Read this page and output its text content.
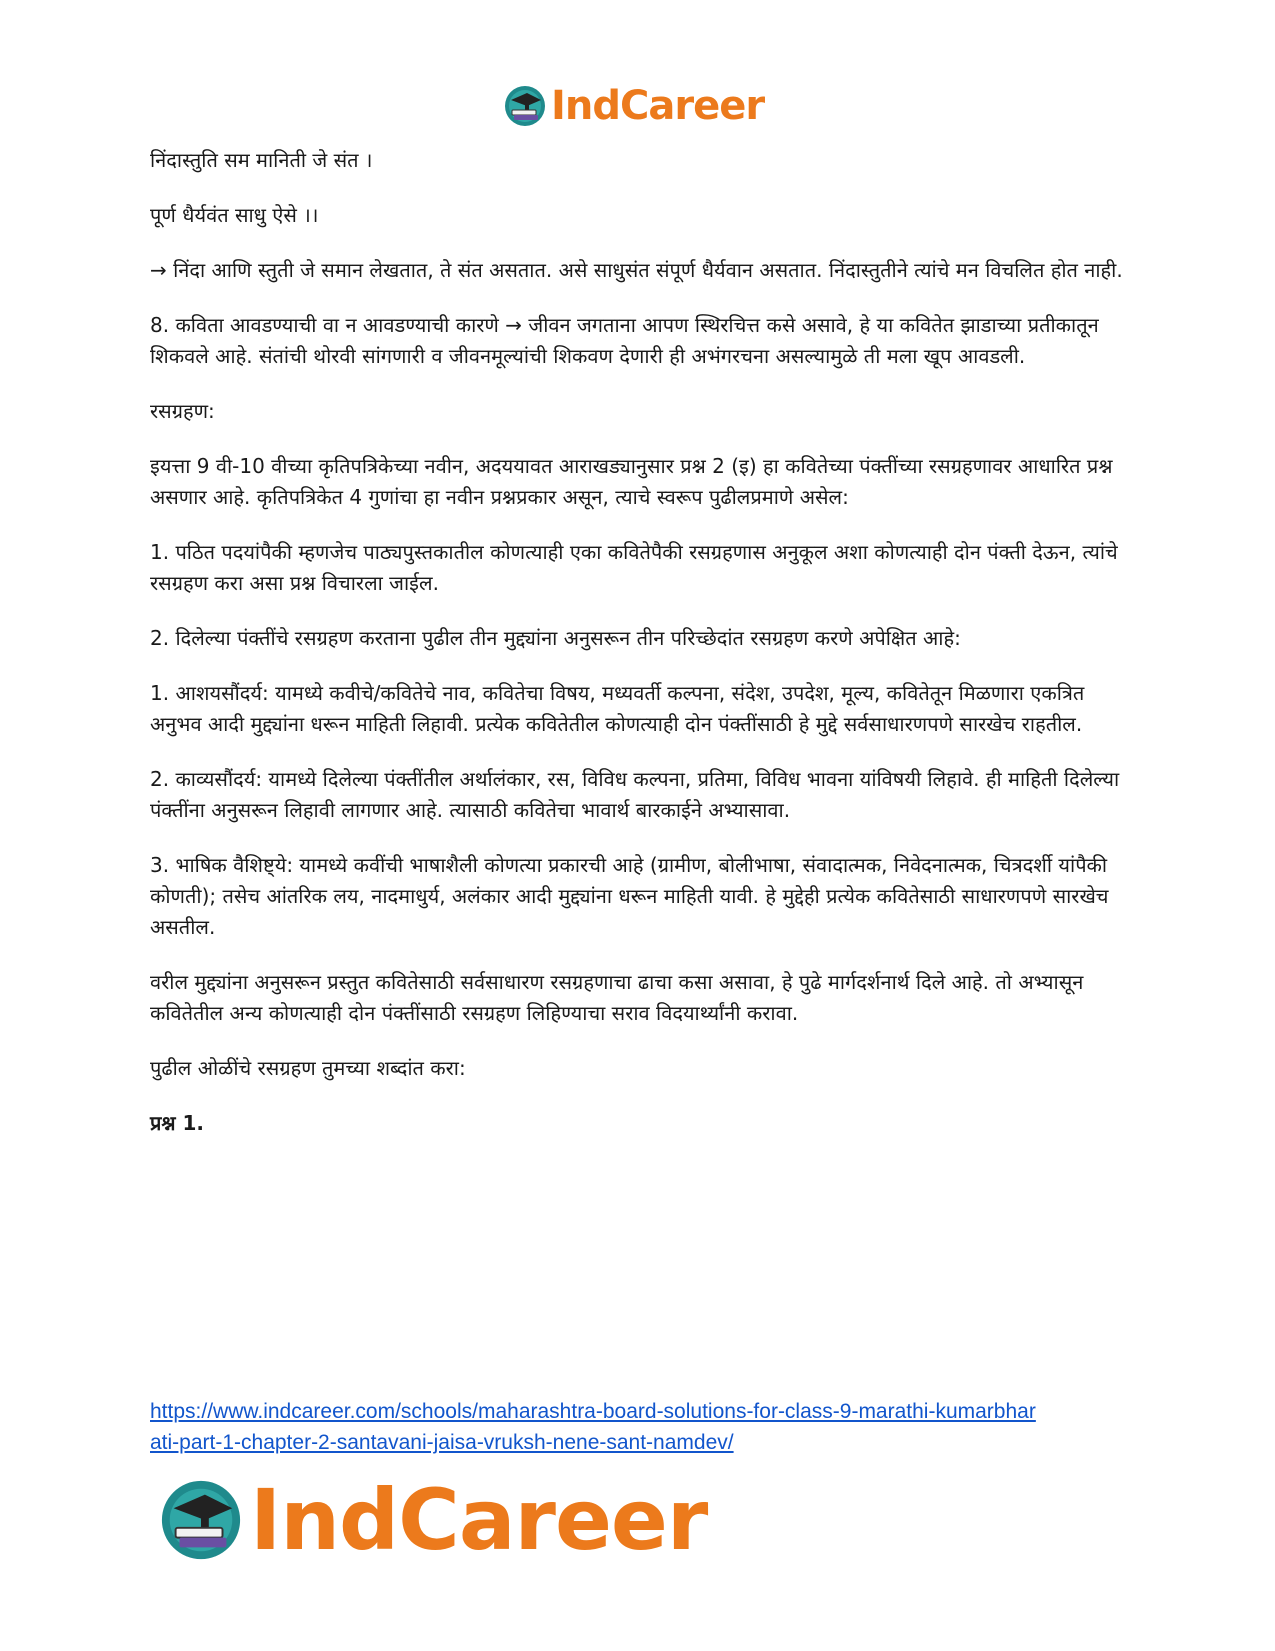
IndCareer

निंदास्तुति सम मानिती जे संत ।

पूर्ण धैर्यवंत साधु ऐसे ।।

→ निंदा आणि स्तुती जे समान लेखतात, ते संत असतात. असे साधुसंत संपूर्ण धैर्यवान असतात. निंदास्तुतीने त्यांचे मन विचलित होत नाही.

8. कविता आवडण्याची वा न आवडण्याची कारणे → जीवन जगताना आपण स्थिरचित्त कसे असावे, हे या कवितेत झाडाच्या प्रतीकातून शिकवले आहे. संतांची थोरवी सांगणारी व जीवनमूल्यांची शिकवण देणारी ही अभंगरचना असल्यामुळे ती मला खूप आवडली.

रसग्रहण:

इयत्ता 9 वी-10 वीच्या कृतिपत्रिकेच्या नवीन, अदययावत आराखड्यानुसार प्रश्न 2 (इ) हा कवितेच्या पंक्तींच्या रसग्रहणावर आधारित प्रश्न असणार आहे. कृतिपत्रिकेत 4 गुणांचा हा नवीन प्रश्नप्रकार असून, त्याचे स्वरूप पुढीलप्रमाणे असेल:

1. पठित पदयांपैकी म्हणजेच पाठ्यपुस्तकातील कोणत्याही एका कवितेपैकी रसग्रहणास अनुकूल अशा कोणत्याही दोन पंक्ती देऊन, त्यांचे रसग्रहण करा असा प्रश्न विचारला जाईल.

2. दिलेल्या पंक्तींचे रसग्रहण करताना पुढील तीन मुद्द्यांना अनुसरून तीन परिच्छेदांत रसग्रहण करणे अपेक्षित आहे:

1. आशयसौंदर्य: यामध्ये कवीचे/कवितेचे नाव, कवितेचा विषय, मध्यवर्ती कल्पना, संदेश, उपदेश, मूल्य, कवितेतून मिळणारा एकत्रित अनुभव आदी मुद्द्यांना धरून माहिती लिहावी. प्रत्येक कवितेतील कोणत्याही दोन पंक्तींसाठी हे मुद्दे सर्वसाधारणपणे सारखेच राहतील.

2. काव्यसौंदर्य: यामध्ये दिलेल्या पंक्तींतील अर्थालंकार, रस, विविध कल्पना, प्रतिमा, विविध भावना यांविषयी लिहावे. ही माहिती दिलेल्या पंक्तींना अनुसरून लिहावी लागणार आहे. त्यासाठी कवितेचा भावार्थ बारकाईने अभ्यासावा.

3. भाषिक वैशिष्ट्ये: यामध्ये कवींची भाषाशैली कोणत्या प्रकारची आहे (ग्रामीण, बोलीभाषा, संवादात्मक, निवेदनात्मक, चित्रदर्शी यांपैकी कोणती); तसेच आंतरिक लय, नादमाधुर्य, अलंकार आदी मुद्द्यांना धरून माहिती यावी. हे मुद्देही प्रत्येक कवितेसाठी साधारणपणे सारखेच असतील.

वरील मुद्द्यांना अनुसरून प्रस्तुत कवितेसाठी सर्वसाधारण रसग्रहणाचा ढाचा कसा असावा, हे पुढे मार्गदर्शनार्थ दिले आहे. तो अभ्यासून कवितेतील अन्य कोणत्याही दोन पंक्तींसाठी रसग्रहण लिहिण्याचा सराव विदयार्थ्यांनी करावा.

पुढील ओळींचे रसग्रहण तुमच्या शब्दांत करा:

प्रश्न 1.

https://www.indcareer.com/schools/maharashtra-board-solutions-for-class-9-marathi-kumarbhar
ati-part-1-chapter-2-santavani-jaisa-vruksh-nene-sant-namdev/
IndCareer
